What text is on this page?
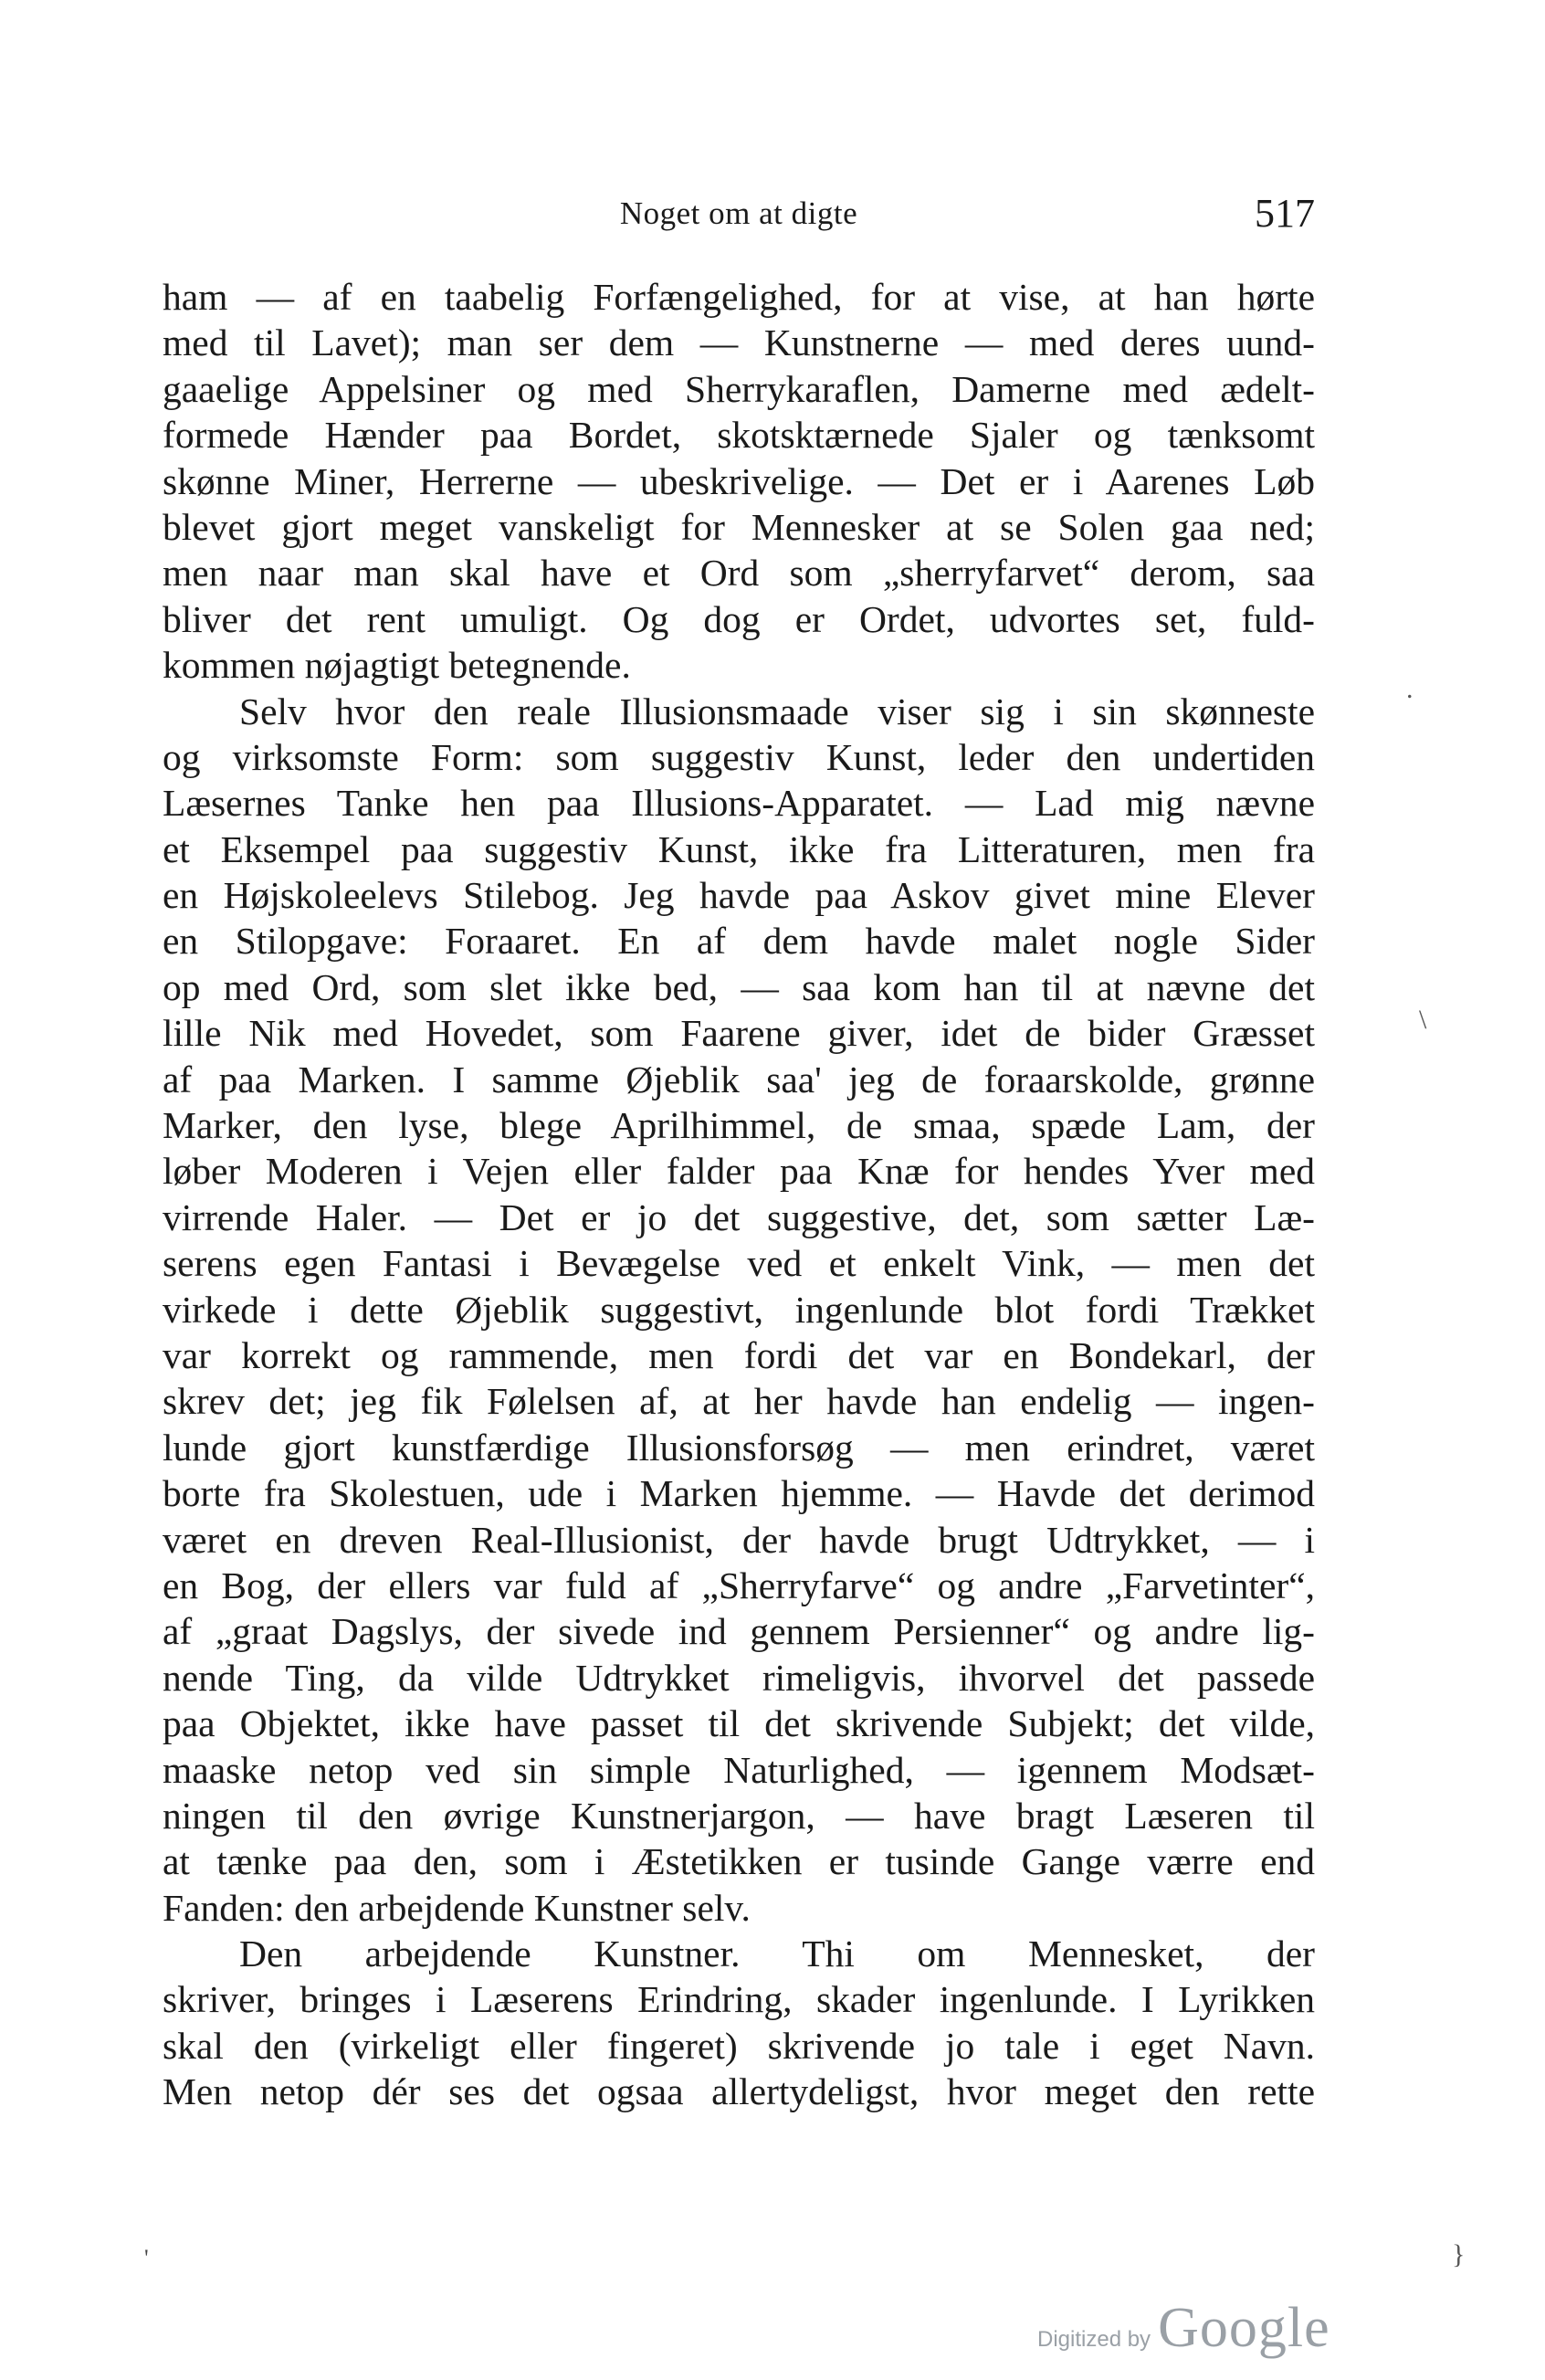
Noget om at digte	517
ham — af en taabelig Forfængelighed, for at vise, at han hørte
med til Lavet); man ser dem — Kunstnerne — med deres uund-
gaaelige Appelsiner og med Sherrykaraflen, Damerne med ædelt-
formede Hænder paa Bordet, skotsktærnede Sjaler og tænksomt
skønne Miner, Herrerne — ubeskrivelige. — Det er i Aarenes Løb
blevet gjort meget vanskeligt for Mennesker at se Solen gaa ned;
men naar man skal have et Ord som „sherryfarvet“ derom, saa
bliver det rent umuligt. Og dog er Ordet, udvortes set, fuld-
kommen nøjagtigt betegnende.
Selv hvor den reale Illusionsmaade viser sig i sin skønneste
og virksomste Form: som suggestiv Kunst, leder den undertiden
Læsernes Tanke hen paa Illusions-Apparatet. — Lad mig nævne
et Eksempel paa suggestiv Kunst, ikke fra Litteraturen, men fra
en Højskoleelevs Stilebog. Jeg havde paa Askov givet mine Elever
en Stilopgave: Foraaret. En af dem havde malet nogle Sider
op med Ord, som slet ikke bed, — saa kom han til at nævne det
lille Nik med Hovedet, som Faarene giver, idet de bider Græsset
af paa Marken. I samme Øjeblik saa' jeg de foraarskolde, grønne
Marker, den lyse, blege Aprilhimmel, de smaa, spæde Lam, der
løber Moderen i Vejen eller falder paa Knæ for hendes Yver med
virrende Haler. — Det er jo det suggestive, det, som sætter Læ-
serens egen Fantasi i Bevægelse ved et enkelt Vink, — men det
virkede i dette Øjeblik suggestivt, ingenlunde blot fordi Trækket
var korrekt og rammende, men fordi det var en Bondekarl, der
skrev det; jeg fik Følelsen af, at her havde han endelig — ingen-
lunde gjort kunstfærdige Illusionsforsøg — men erindret, været
borte fra Skolestuen, ude i Marken hjemme. — Havde det derimod
været en dreven Real-Illusionist, der havde brugt Udtrykket, — i
en Bog, der ellers var fuld af „Sherryfarve“ og andre „Farvetinter“,
af „graat Dagslys, der sivede ind gennem Persienner“ og andre lig-
nende Ting, da vilde Udtrykket rimeligvis, ihvorvel det passede
paa Objektet, ikke have passet til det skrivende Subjekt; det vilde,
maaske netop ved sin simple Naturlighed, — igennem Modsæt-
ningen til den øvrige Kunstnerjargon, — have bragt Læseren til
at tænke paa den, som i Æstetikken er tusinde Gange værre end
Fanden: den arbejdende Kunstner selv.
Den arbejdende Kunstner. Thi om Mennesket, der
skriver, bringes i Læserens Erindring, skader ingenlunde. I Lyrikken
skal den (virkeligt eller fingeret) skrivende jo tale i eget Navn.
Men netop dér ses det ogsaa allertydeligst, hvor meget den rette
.
\
}
'
Digitized by Google
